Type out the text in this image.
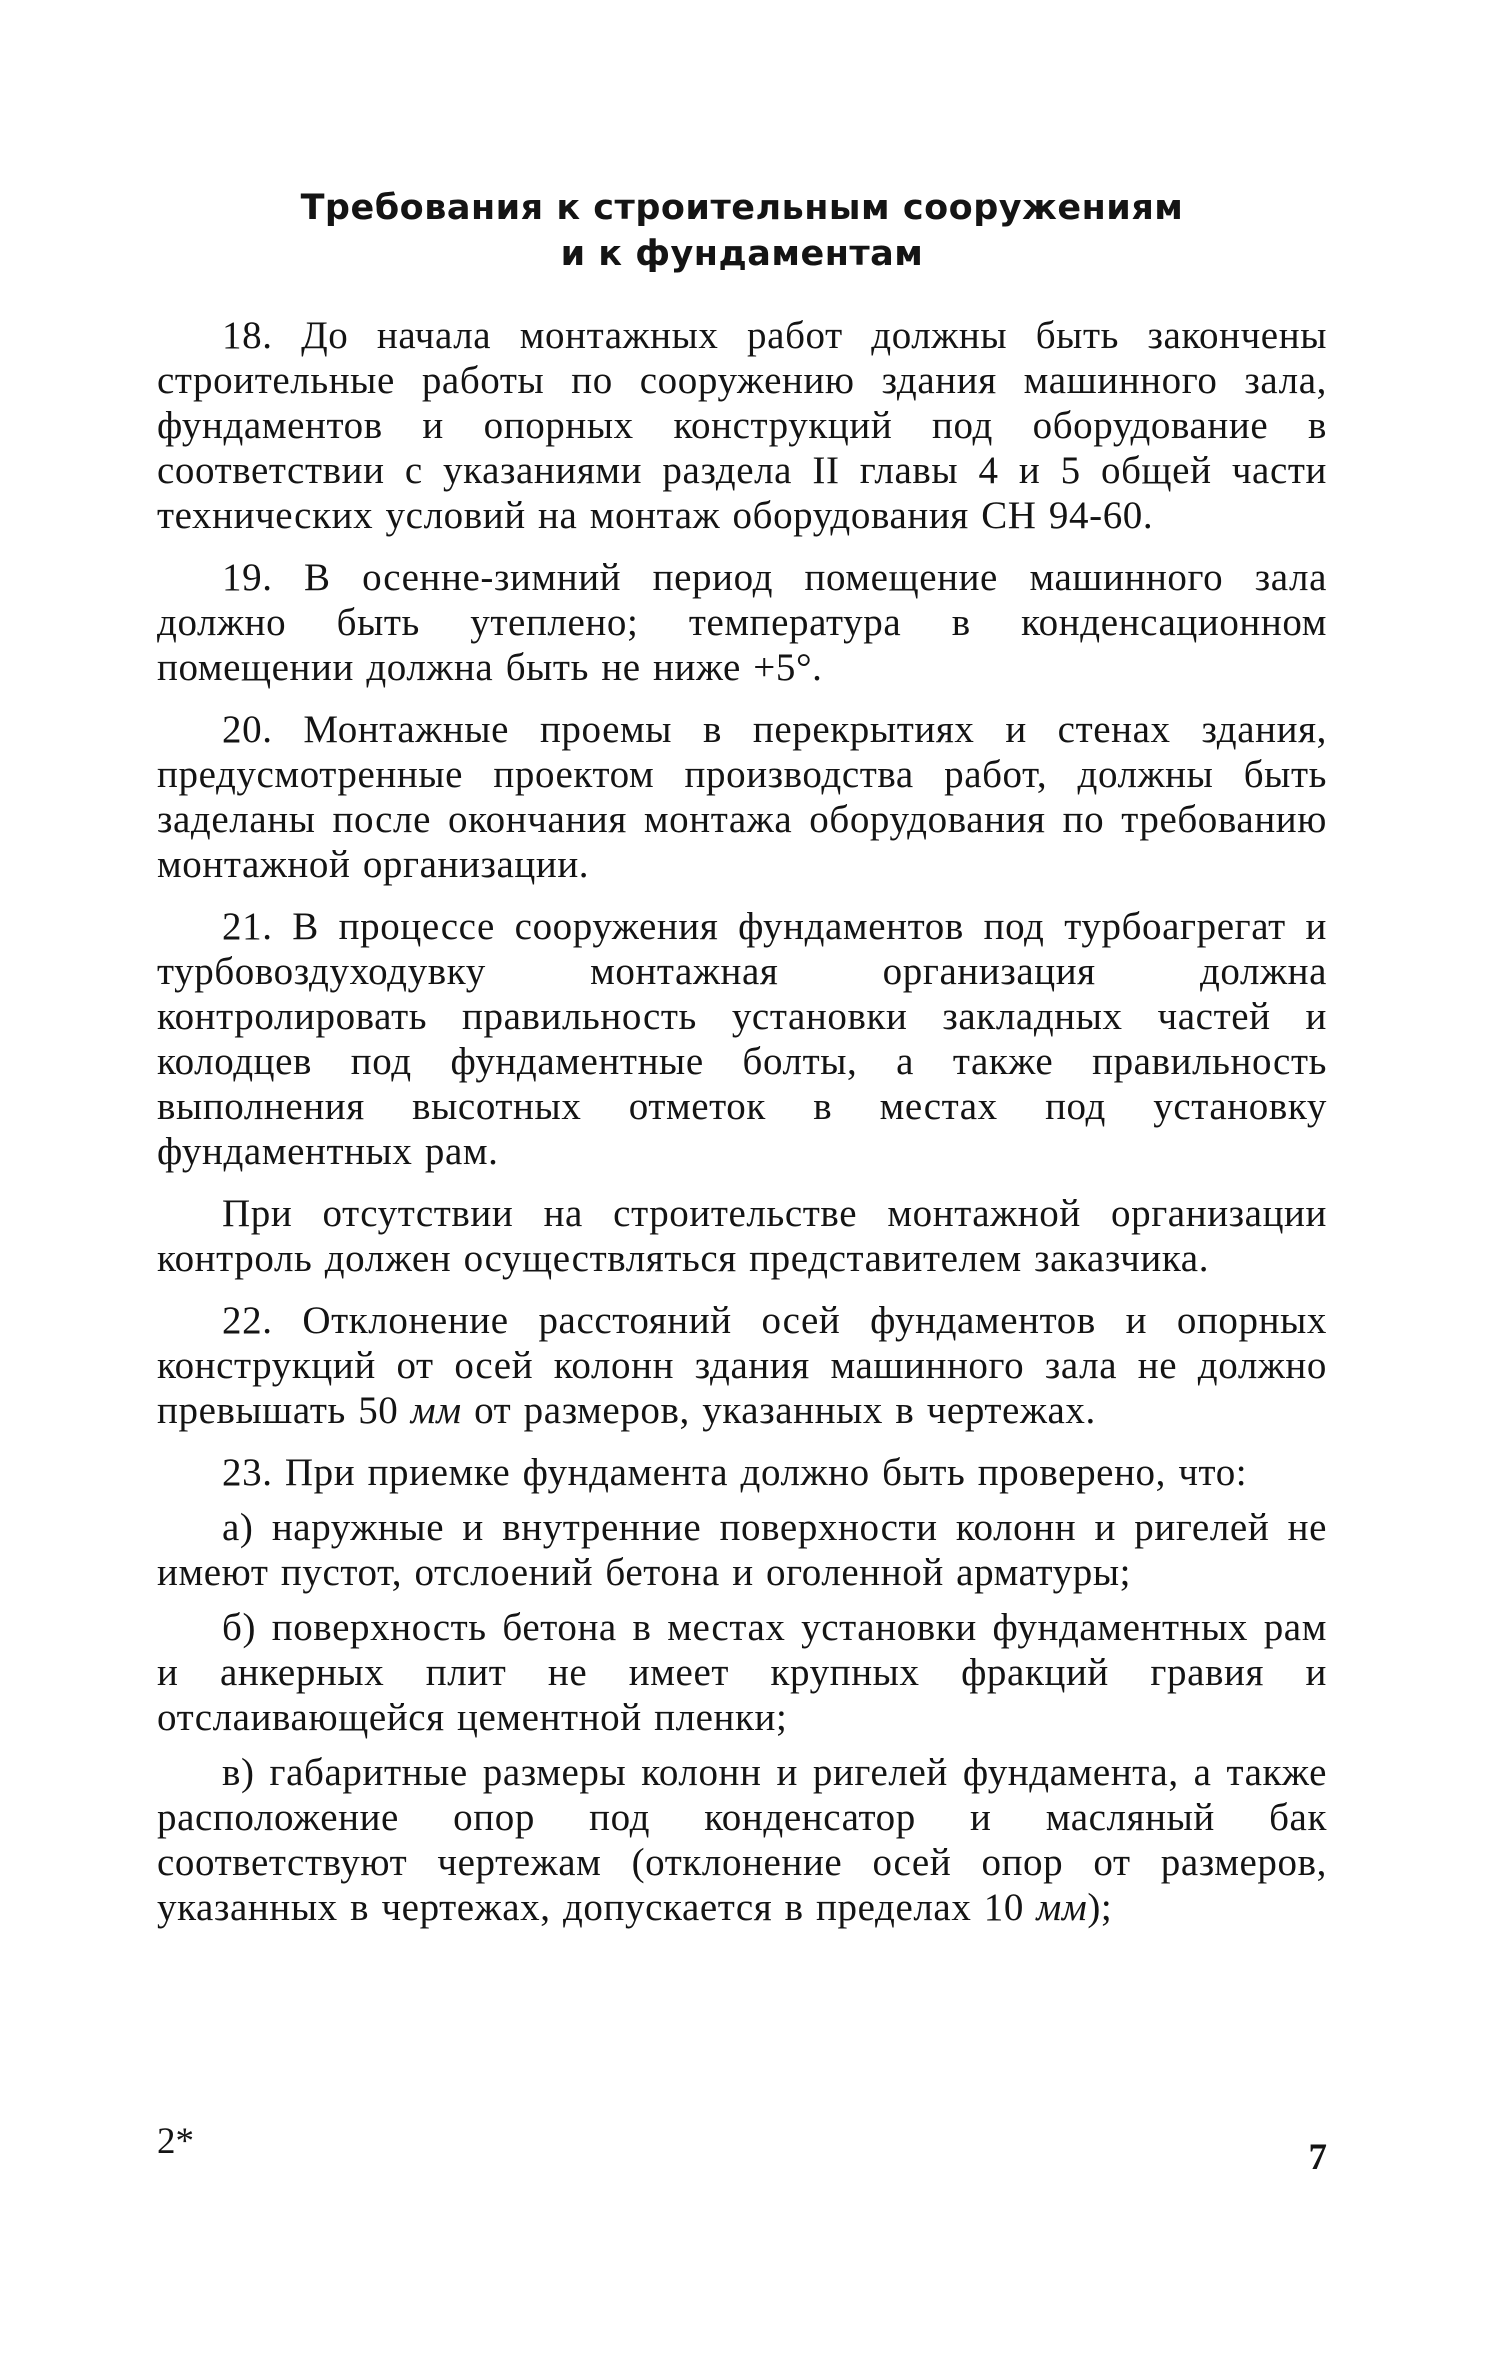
Требования к строительным сооружениям
и к фундаментам

18. До начала монтажных работ должны быть закончены строительные работы по сооружению здания машинного зала, фундаментов и опорных конструкций под оборудование в соответствии с указаниями раздела II главы 4 и 5 общей части технических условий на монтаж оборудования СН 94-60.

19. В осенне-зимний период помещение машинного зала должно быть утеплено; температура в конденсационном помещении должна быть не ниже +5°.

20. Монтажные проемы в перекрытиях и стенах здания, предусмотренные проектом производства работ, должны быть заделаны после окончания монтажа оборудования по требованию монтажной организации.

21. В процессе сооружения фундаментов под турбоагрегат и турбовоздуходувку монтажная организация должна контролировать правильность установки закладных частей и колодцев под фундаментные болты, а также правильность выполнения высотных отметок в местах под установку фундаментных рам.

При отсутствии на строительстве монтажной организации контроль должен осуществляться представителем заказчика.

22. Отклонение расстояний осей фундаментов и опорных конструкций от осей колонн здания машинного зала не должно превышать 50 мм от размеров, указанных в чертежах.

23. При приемке фундамента должно быть проверено, что:

а) наружные и внутренние поверхности колонн и ригелей не имеют пустот, отслоений бетона и оголенной арматуры;

б) поверхность бетона в местах установки фундаментных рам и анкерных плит не имеет крупных фракций гравия и отслаивающейся цементной пленки;

в) габаритные размеры колонн и ригелей фундамента, а также расположение опор под конденсатор и масляный бак соответствуют чертежам (отклонение осей опор от размеров, указанных в чертежах, допускается в пределах 10 мм);

2*	7
